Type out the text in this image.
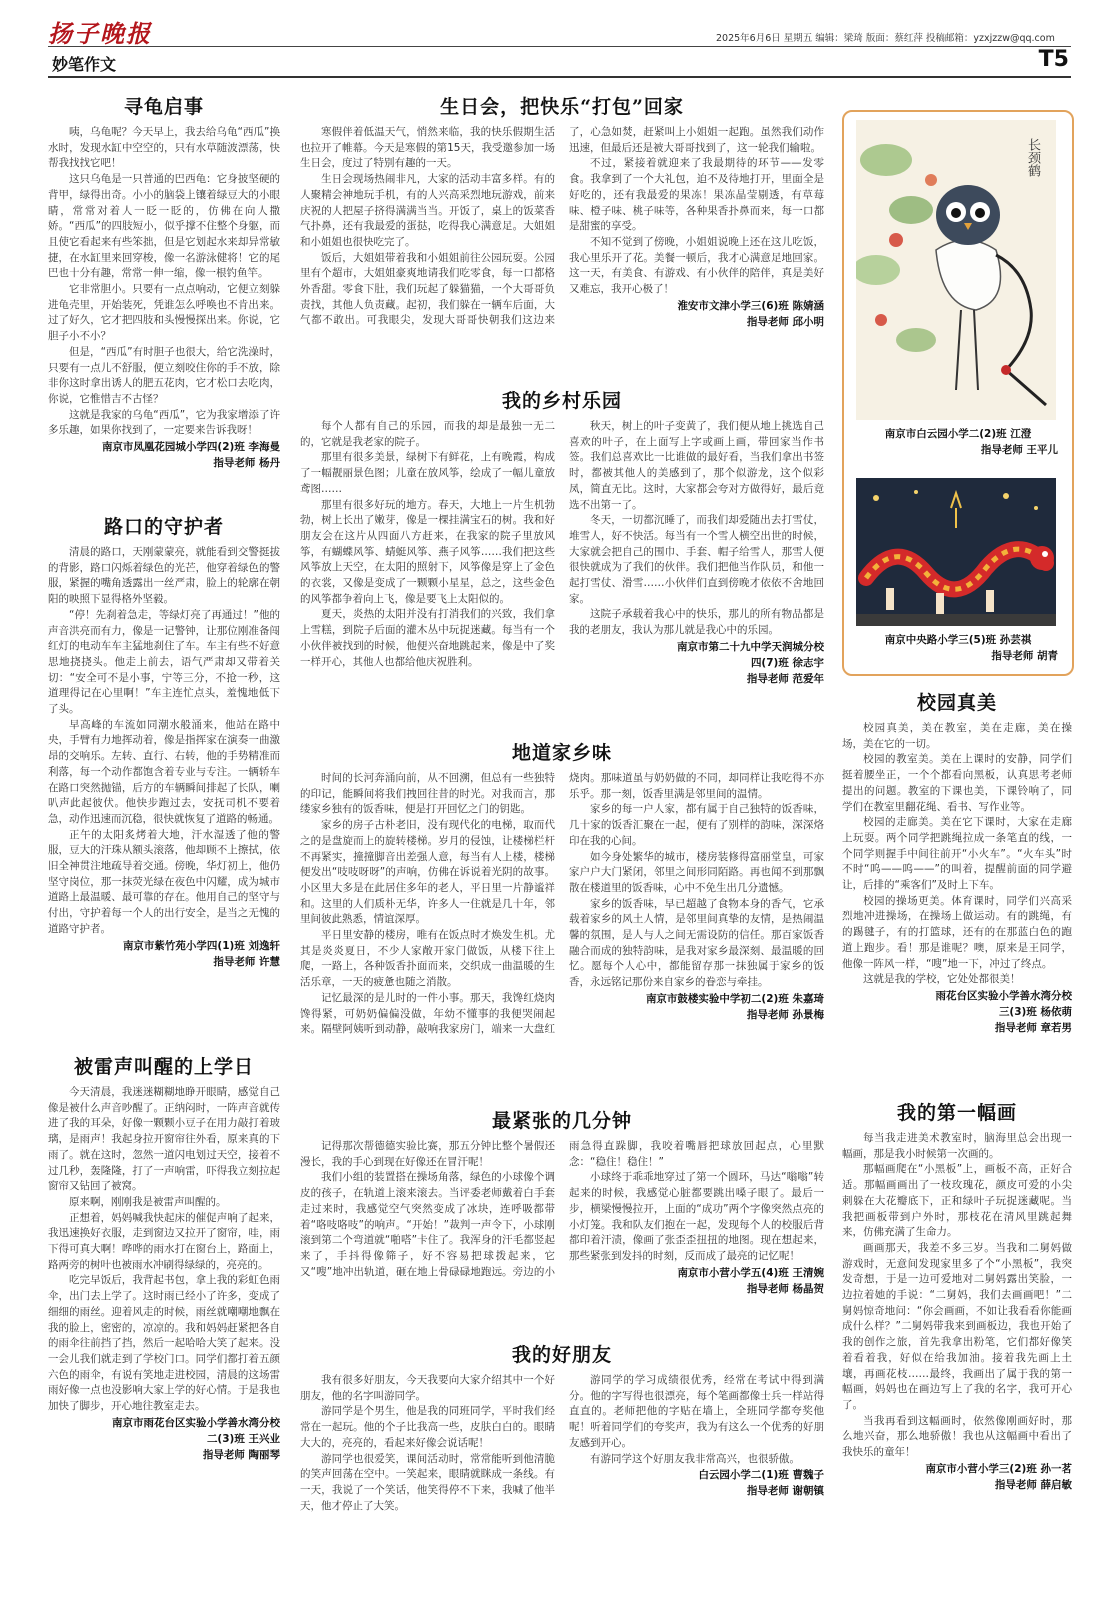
扬子晚报	2025年6月6日 星期五 编辑：梁琦 版面：蔡红萍 投稿邮箱：yzxjzzw@qq.com
妙笔作文	T5
寻龟启事

咦，乌龟呢？今天早上，我去给乌龟“西瓜”换水时，发现水缸中空空的，只有水草随波漂荡，快帮我找找它吧！

这只乌龟是一只普通的巴西龟：它身披坚硬的背甲，绿得出奇。小小的脑袋上镶着绿豆大的小眼睛，常常对着人一眨一眨的，仿佛在向人撒娇。“西瓜”的四肢短小，似乎撑不住整个身躯，而且使它看起来有些笨拙，但是它划起水来却异常敏捷，在水缸里来回穿梭，像一名游泳健将！它的尾巴也十分有趣，常常一伸一缩，像一根钓鱼竿。

它非常胆小。只要有一点点响动，它便立刻躲进龟壳里，开始装死，凭谁怎么呼唤也不肯出来。过了好久，它才把四肢和头慢慢探出来。你说，它胆子小不小？

但是，“西瓜”有时胆子也很大，给它洗澡时，只要有一点儿不舒服，便立刻咬住你的手不放，除非你这时拿出诱人的肥五花肉，它才松口去吃肉，你说，它惟惜吉不古怪？

这就是我家的乌龟“西瓜”，它为我家增添了许多乐趣，如果你找到了，一定要来告诉我呀！

南京市凤凰花园城小学四(2)班 李海曼
指导老师 杨丹
路口的守护者

清晨的路口，天刚蒙蒙亮，就能看到交警挺拔的背影，路口闪烁着绿色的光芒，他穿着绿色的警服，紧握的嘴角透露出一丝严肃，脸上的轮廓在朝阳的映照下显得格外坚毅。

“停！先刹着急走，等绿灯亮了再通过！”他的声音洪亮而有力，像是一记警钟，让那位刚准备闯红灯的电动车车主猛地刹住了车。车主有些不好意思地挠挠头。他走上前去，语气严肃却又带着关切：“安全可不是小事，宁等三分，不抢一秒，这道理得记在心里啊！”车主连忙点头，羞愧地低下了头。

早高峰的车流如同潮水般涌来，他站在路中央，手臂有力地挥动着，像是指挥家在演奏一曲激昂的交响乐。左转、直行、右转，他的手势精准而利落，每一个动作都饱含着专业与专注。一辆轿车在路口突然抛锚，后方的车辆瞬间排起了长队，喇叭声此起彼伏。他快步跑过去，安抚司机不要着急，动作迅速而沉稳，很快就恢复了道路的畅通。

正午的太阳炙烤着大地，汗水湿透了他的警服，豆大的汗珠从额头滚落，他却顾不上擦拭，依旧全神贯注地疏导着交通。傍晚，华灯初上，他仍坚守岗位，那一抹荧光绿在夜色中闪耀，成为城市道路上最温暖、最可靠的存在。他用自己的坚守与付出，守护着每一个人的出行安全，是当之无愧的道路守护者。

南京市紫竹苑小学四(1)班 刘逸轩
指导老师 许慧
被雷声叫醒的上学日

今天清晨，我迷迷糊糊地睁开眼睛，感觉自己像是被什么声音吵醒了。正纳闷时，一阵声音就传进了我的耳朵，好像一颗颗小豆子在用力敲打着玻璃，是雨声！我起身拉开窗帘往外看，原来真的下雨了。就在这时，忽然一道闪电划过天空，接着不过几秒，轰隆隆，打了一声响雷，吓得我立刻拉起窗帘又钻回了被窝。

原来啊，刚刚我是被雷声叫醒的。

正想着，妈妈喊我快起床的催促声响了起来，我迅速换好衣服，走到窗边又拉开了窗帘，哇，雨下得可真大啊！哗哗的雨水打在窗台上，路面上，路两旁的树叶也被雨水冲刷得绿绿的，亮亮的。

吃完早饭后，我背起书包，拿上我的彩虹色雨伞，出门去上学了。这时雨已经小了许多，变成了细细的雨丝。迎着风走的时候，雨丝就嘲嘲地飘在我的脸上，密密的，凉凉的。我和妈妈赶紧把各自的雨伞往前挡了挡，然后一起哈哈大笑了起来。没一会儿我们就走到了学校门口。同学们都打着五颜六色的雨伞，有说有笑地走进校园，清晨的这场雷雨好像一点也没影响大家上学的好心情。于是我也加快了脚步，开心地往教室走去。

南京市雨花台区实验小学善水湾分校
二(3)班 王兴业
指导老师 陶丽琴
生日会，把快乐“打包”回家

寒假伴着低温天气，悄然来临，我的快乐假期生活也拉开了帷幕。今天是寒假的第15天，我受邀参加一场生日会，度过了特别有趣的一天。

生日会现场热闹非凡，大家的活动丰富多样。有的人聚精会神地玩手机，有的人兴高采烈地玩游戏，前来庆祝的人把屋子挤得满满当当。开饭了，桌上的饭菜香气扑鼻，还有我最爱的蛋挞，吃得我心满意足。大姐姐和小姐姐也很快吃完了。

饭后，大姐姐带着我和小姐姐前往公园玩耍。公园里有个超市，大姐姐豪爽地请我们吃零食，每一口都格外香甜。零食下肚，我们玩起了躲猫猫，一个大哥哥负责找，其他人负责藏。起初，我们躲在一辆车后面，大气都不敢出。可我眼尖，发现大哥哥快朝我们这边来了，心急如焚，赶紧叫上小姐姐一起跑。虽然我们动作迅速，但最后还是被大哥哥找到了，这一轮我们输啦。

不过，紧接着就迎来了我最期待的环节——发零食。我拿到了一个大礼包，迫不及待地打开，里面全是好吃的，还有我最爱的果冻！果冻晶莹剔透，有草莓味、橙子味、桃子味等，各种果香扑鼻而来，每一口都是甜蜜的享受。

不知不觉到了傍晚，小姐姐说晚上还在这儿吃饭，我心里乐开了花。美餐一顿后，我才心满意足地回家。这一天，有美食、有游戏、有小伙伴的陪伴，真是美好又难忘，我开心极了！

淮安市文津小学三(6)班 陈婧涵
指导老师 邱小明
我的乡村乐园

每个人都有自己的乐园，而我的却是最独一无二的，它就是我老家的院子。

那里有很多美景，绿树下有鲜花，上有晚霞，构成了一幅靓丽景色图；儿童在放风筝，绘成了一幅儿童放鸢图……

那里有很多好玩的地方。春天，大地上一片生机勃勃，树上长出了嫩芽，像是一棵挂满宝石的树。我和好朋友会在这片从四面八方赶来，在我家的院子里放风筝，有蝴蝶风筝、蜻蜓风筝、燕子风筝……我们把这些风筝放上天空，在太阳的照射下，风筝像是穿上了金色的衣裳，又像是变成了一颗颗小星星，总之，这些金色的风筝都争着向上飞，像是要飞上太阳似的。

夏天，炎热的太阳并没有打消我们的兴致，我们拿上雪糕，到院子后面的灌木丛中玩捉迷藏。每当有一个小伙伴被找到的时候，他便兴奋地跳起来，像是中了奖一样开心，其他人也都给他庆祝胜利。

秋天，树上的叶子变黄了，我们便从地上挑选自己喜欢的叶子，在上面写上字或画上画，带回家当作书签。我们总喜欢比一比谁做的最好看，当我们拿出书签时，都被其他人的美感到了，那个似游龙，这个似彩凤，简直无比。这时，大家都会夸对方做得好，最后竟选不出第一了。

冬天，一切都沉睡了，而我们却爱随出去打雪仗，堆雪人，好不快活。每当有一个雪人横空出世的时候，大家就会把自己的围巾、手套、帽子给雪人，那雪人便很快就成为了我们的伙伴。我们把他当作队员，和他一起打雪仗、滑雪……小伙伴们直到傍晚才依依不舍地回家。

这院子承载着我心中的快乐，那儿的所有物品都是我的老朋友，我认为那儿就是我心中的乐园。

南京市第二十九中学天润城分校
四(7)班 徐志宇
指导老师 范爱年
地道家乡味

时间的长河奔涌向前，从不回溯，但总有一些独特的印记，能瞬间将我们拽回往昔的时光。对我而言，那缕家乡独有的饭香味，便是打开回忆之门的钥匙。

家乡的房子古朴老旧，没有现代化的电梯，取而代之的是盘旋而上的旋转楼梯。岁月的侵蚀，让楼梯栏杆不再紧实，撞撞脚音出差强人意，每当有人上楼，楼梯便发出“吱吱呀呀”的声响，仿佛在诉说着光阴的故事。小区里大多是在此居住多年的老人，平日里一片静谧祥和。这里的人们质朴无华，许多人一住就是几十年，邻里间彼此熟悉，情谊深厚。

平日里安静的楼房，唯有在饭点时才焕发生机。尤其是炎炎夏日，不少人家敞开家门做饭，从楼下往上爬，一路上，各种饭香扑面而来，交织成一曲温暖的生活乐章，一天的疲惫也随之消散。

记忆最深的是儿时的一件小事。那天，我馋红烧肉馋得紧，可奶奶偏偏没做，年幼不懂事的我便哭闹起来。隔壁阿姨听到动静，敲响我家房门，端来一大盘红烧肉。那味道虽与奶奶做的不同，却同样让我吃得不亦乐乎。那一刻，饭香里满是邻里间的温情。

家乡的每一户人家，都有属于自己独特的饭香味，几十家的饭香汇聚在一起，便有了别样的韵味，深深烙印在我的心间。

如今身处繁华的城市，楼房装修得富丽堂皇，可家家户户大门紧闭，邻里之间形同陌路。再也闻不到那飘散在楼道里的饭香味，心中不免生出几分遗憾。

家乡的饭香味，早已超越了食物本身的香气，它承载着家乡的风土人情，是邻里间真挚的友情，是热闹温馨的氛围，是人与人之间无需设防的信任。那百家饭香融合而成的独特韵味，是我对家乡最深刻、最温暖的回忆。愿每个人心中，都能留存那一抹独属于家乡的饭香，永远铭记那份来自家乡的眷恋与牵挂。

南京市鼓楼实验中学初二(2)班 朱嘉琦
指导老师 孙景梅
最紧张的几分钟

记得那次帮德德实验比赛，那五分钟比整个暑假还漫长，我的手心到现在好像还在冒汗呢！

我们小组的装置搭在操场角落，绿色的小球像个调皮的孩子，在轨道上滚来滚去。当评委老师戴着白手套走过来时，我感觉空气突然变成了冰块，连呼吸都带着“咯吱咯吱”的响声。“开始！”裁判一声令下，小球刚滚到第二个弯道就“啪嗒”卡住了。我浑身的汗毛都竖起来了，手抖得像筛子，好不容易把球拨起来，它又“嗖”地冲出轨道，砸在地上骨碌碌地跑远。旁边的小雨急得直跺脚，我咬着嘴唇把球放回起点，心里默念：“稳住！稳住！”

小球终于乖乖地穿过了第一个圆环，马达“嗡嗡”转起来的时候，我感觉心脏都要跳出嗓子眼了。最后一步，横梁慢慢拉开，上面的“成功”两个字像突然点亮的小灯笼。我和队友们抱在一起，发现每个人的校服后背都印着汗渍，像画了张歪歪扭扭的地图。现在想起来，那些紧张到发抖的时刻，反而成了最亮的记忆呢！

南京市小营小学五(4)班 王清婉
指导老师 杨晶贺
我的好朋友

我有很多好朋友，今天我要向大家介绍其中一个好朋友，他的名字叫游同学。

游同学是个男生，他是我的同班同学，平时我们经常在一起玩。他的个子比我高一些，皮肤白白的。眼睛大大的，亮亮的，看起来好像会说话呢！

游同学也很爱笑，课间活动时，常常能听到他清脆的笑声回荡在空中。一笑起来，眼睛就眯成一条线。有一天，我说了一个笑话，他笑得停不下来，我喊了他半天，他才停止了大笑。

游同学的学习成绩很优秀，经常在考试中得到满分。他的字写得也很漂亮，每个笔画都像士兵一样站得直直的。老师把他的字贴在墙上，全班同学都夸奖他呢！听着同学们的夸奖声，我为有这么一个优秀的好朋友感到开心。

有游同学这个好朋友我非常高兴，也很骄傲。

白云园小学二(1)班 曹魏子
指导老师 谢朝镇
长颈鹤
南京市白云园小学二(2)班 江澄
指导老师 王平儿
南京中央路小学三(5)班 孙芸祺
指导老师 胡青
校园真美

校园真美，美在教室，美在走廊，美在操场，美在它的一切。

校园的教室美。美在上课时的安静，同学们挺着腰坐正，一个个都看向黑板，认真思考老师提出的问题。教室的下课也美，下课铃响了，同学们在教室里翻花绳、看书、写作业等。

校园的走廊美。美在它下课时，大家在走廊上玩耍。两个同学把跳绳拉成一条笔直的线，一个同学则握手中间往前开“小火车”。“火车头”时不时“呜——呜——”的叫着，提醒前面的同学避让，后排的“乘客们”及时上下车。

校园的操场更美。体育课时，同学们兴高采烈地冲进操场，在操场上做运动。有的跳绳，有的踢毽子，有的打篮球，还有的在那蓝白色的跑道上跑步。看！那是谁呢？噢，原来是王同学，他像一阵风一样，“嗖”地一下，冲过了终点。

这就是我的学校，它处处都很美！

雨花台区实验小学善水湾分校
三(3)班 杨依萌
指导老师 章若男
我的第一幅画

每当我走进美术教室时，脑海里总会出现一幅画，那是我小时候第一次画的。

那幅画爬在“小黑板”上，画板不高，正好合适。那幅画画出了一枝玫瑰花，颜皮可爱的小尖刺躲在大花瓣底下，正和绿叶子玩捉迷藏呢。当我把画板带到户外时，那枝花在清风里跳起舞来，仿佛充满了生命力。

画画那天，我差不多三岁。当我和二舅妈做游戏时，无意间发现家里多了个“小黑板”，我突发奇想，于是一边可爱地对二舅妈露出笑脸，一边拉着她的手说：“二舅妈，我们去画画吧！”二舅妈惊奇地问：“你会画画，不如让我看看你能画成什么样？”二舅妈带我来到画板边，我也开始了我的创作之旅，首先我拿出粉笔，它们都好像笑着看着我，好似在给我加油。接着我先画上土壤，再画花枝……最终，我画出了属于我的第一幅画，妈妈也在画边写上了我的名字，我可开心了。

当我再看到这幅画时，依然像刚画好时，那么地兴奋，那么地骄傲！我也从这幅画中看出了我快乐的童年！

南京市小营小学三(2)班 孙一茗
指导老师 薛启敏
